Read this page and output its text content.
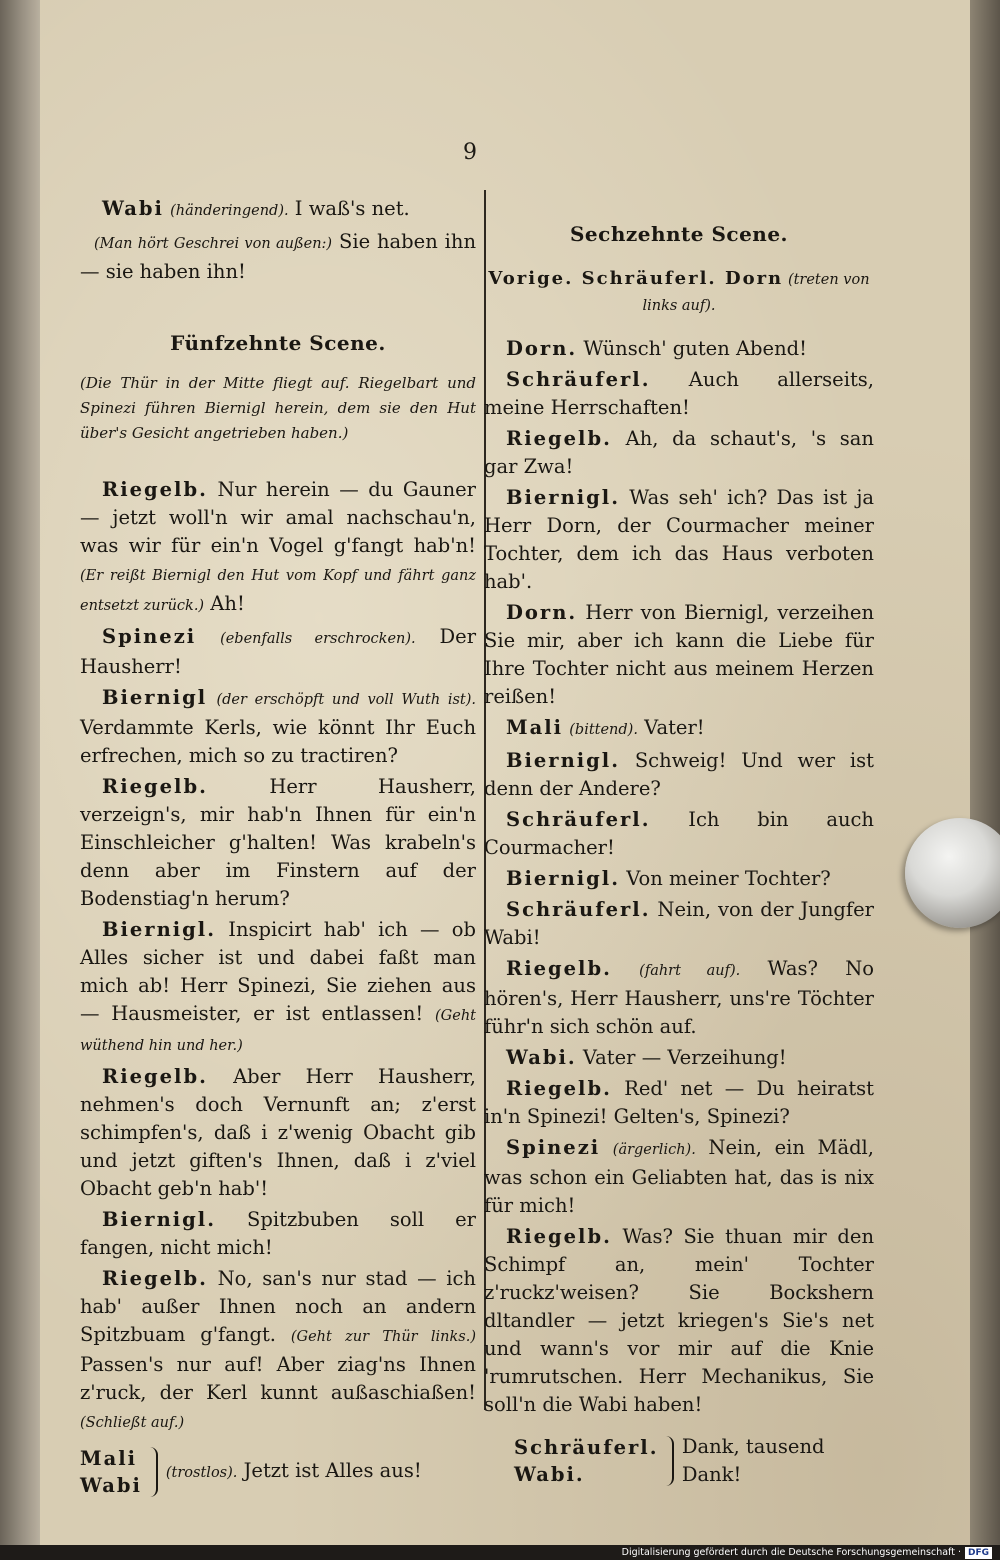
9

Wabi (händeringend). I waß's net.

(Man hört Geschrei von außen:) Sie haben ihn — sie haben ihn!

Fünfzehnte Scene.
(Die Thür in der Mitte fliegt auf. Riegelbart und Spinezi führen Biernigl herein, dem sie den Hut über's Gesicht angetrieben haben.)

Riegelb. Nur herein — du Gauner — jetzt woll'n wir amal nachschau'n, was wir für ein'n Vogel g'fangt hab'n! (Er reißt Biernigl den Hut vom Kopf und fährt ganz entsetzt zurück.) Ah!

Spinezi (ebenfalls erschrocken). Der Hausherr!

Biernigl (der erschöpft und voll Wuth ist). Verdammte Kerls, wie könnt Ihr Euch erfrechen, mich so zu tractiren?

Riegelb.	Herr Hausherr, verzeign's, mir hab'n Ihnen für ein'n Einschleicher g'halten! Was krabeln's denn aber im Finstern auf der Bodenstiag'n herum?

Biernigl. Inspicirt hab' ich — ob Alles sicher ist und dabei faßt man mich ab! Herr Spinezi, Sie ziehen aus — Hausmeister, er ist entlassen! (Geht wüthend hin und her.)

Riegelb. Aber Herr Hausherr, nehmen's doch Vernunft an; z'erst schimpfen's, daß i z'wenig Obacht gib und jetzt giften's Ihnen, daß i z'viel Obacht geb'n hab'!

Biernigl. Spitzbuben soll er fangen, nicht mich!

Riegelb. No, san's nur stad — ich hab' außer Ihnen noch an andern Spitzbuam g'fangt. (Geht zur Thür links.) Passen's nur auf! Aber ziag'ns Ihnen z'ruck, der Kerl kunnt außaschiaßen! (Schließt auf.)

Mali
Wabi
(trostlos). Jetzt ist Alles aus!
Sechzehnte Scene.
Vorige. Schräuferl. Dorn (treten von links auf).

Dorn. Wünsch' guten Abend!

Schräuferl. Auch allerseits, meine Herrschaften!

Riegelb. Ah, da schaut's, 's san gar Zwa!

Biernigl. Was seh' ich? Das ist ja Herr Dorn, der Courmacher meiner Tochter, dem ich das Haus verboten hab'.

Dorn. Herr von Biernigl, verzeihen Sie mir, aber ich kann die Liebe für Ihre Tochter nicht aus meinem Herzen reißen!

Mali (bittend). Vater!

Biernigl. Schweig! Und wer ist denn der Andere?

Schräuferl. Ich bin auch Courmacher!

Biernigl. Von meiner Tochter?

Schräuferl. Nein, von der Jungfer Wabi!

Riegelb. (fahrt auf). Was? No hören's, Herr Hausherr, uns're Töchter führ'n sich schön auf.

Wabi. Vater — Verzeihung!

Riegelb. Red' net — Du heiratst in'n Spinezi! Gelten's, Spinezi?

Spinezi (ärgerlich). Nein, ein Mädl, was schon ein Geliabten hat, das is nix für mich!

Riegelb. Was? Sie thuan mir den Schimpf an, mein' Tochter z'ruckz'weisen? Sie Bockshern dltandler — jetzt kriegen's Sie's net und wann's vor mir auf die Knie 'rumrutschen. Herr Mechanikus, Sie soll'n die Wabi haben!

Schräuferl.
Wabi.
Dank, tausend Dank!
Digitalisierung gefördert durch die Deutsche Forschungsgemeinschaft · DFG
